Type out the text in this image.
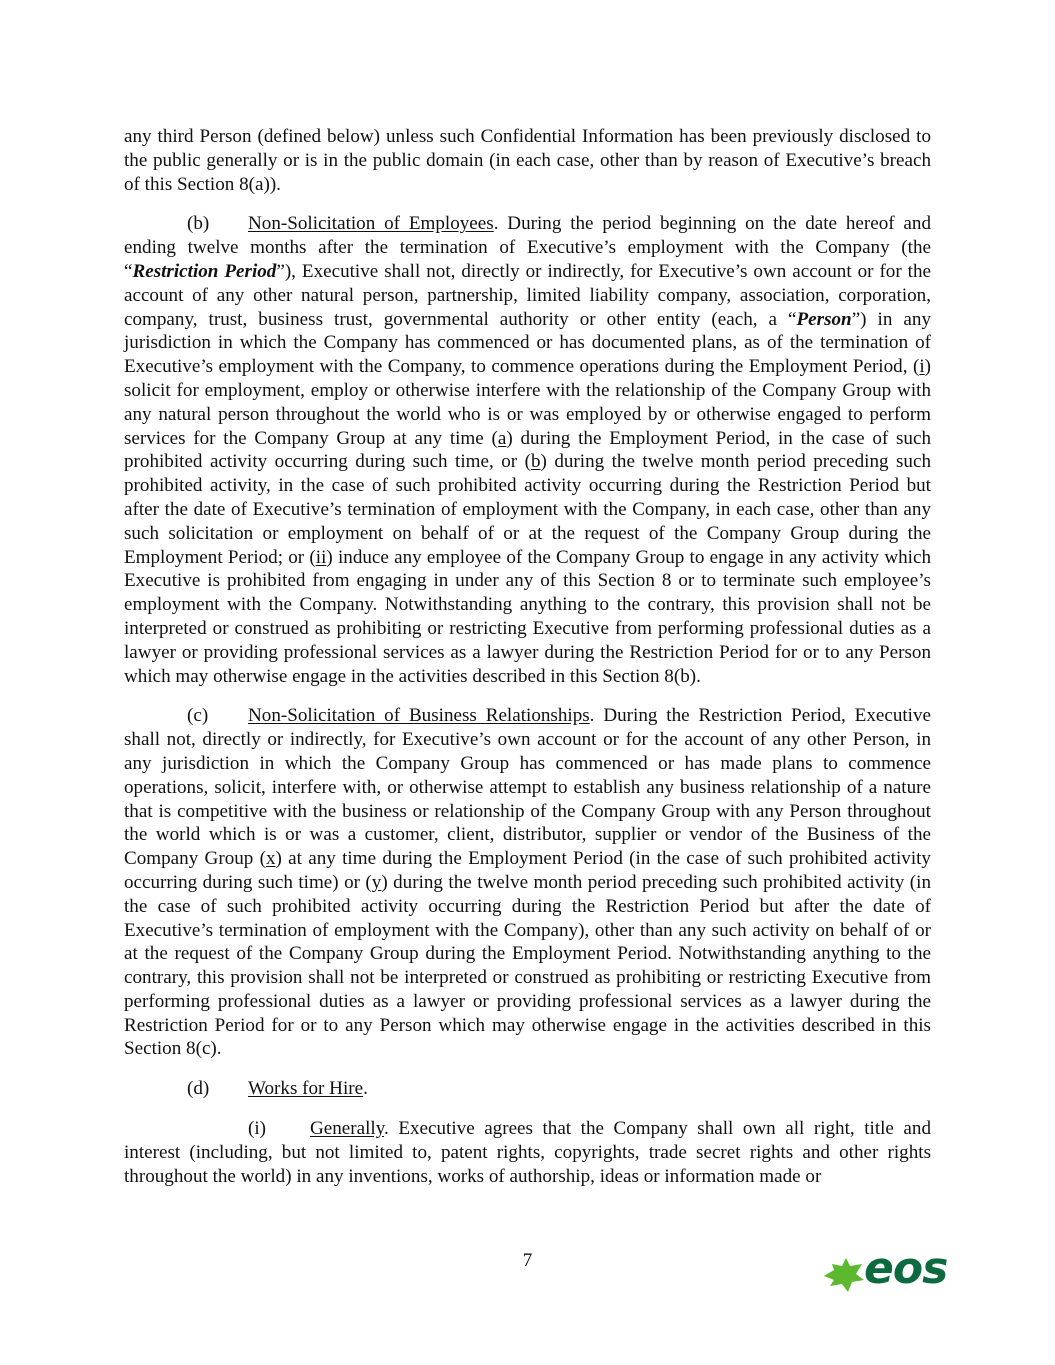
any third Person (defined below) unless such Confidential Information has been previously disclosed to the public generally or is in the public domain (in each case, other than by reason of Executive’s breach of this Section 8(a)).

(b) Non-Solicitation of Employees. During the period beginning on the date hereof and ending twelve months after the termination of Executive’s employment with the Company (the “Restriction Period”), Executive shall not, directly or indirectly, for Executive’s own account or for the account of any other natural person, partnership, limited liability company, association, corporation, company, trust, business trust, governmental authority or other entity (each, a “Person”) in any jurisdiction in which the Company has commenced or has documented plans, as of the termination of Executive’s employment with the Company, to commence operations during the Employment Period, (i) solicit for employment, employ or otherwise interfere with the relationship of the Company Group with any natural person throughout the world who is or was employed by or otherwise engaged to perform services for the Company Group at any time (a) during the Employment Period, in the case of such prohibited activity occurring during such time, or (b) during the twelve month period preceding such prohibited activity, in the case of such prohibited activity occurring during the Restriction Period but after the date of Executive’s termination of employment with the Company, in each case, other than any such solicitation or employment on behalf of or at the request of the Company Group during the Employment Period; or (ii) induce any employee of the Company Group to engage in any activity which Executive is prohibited from engaging in under any of this Section 8 or to terminate such employee’s employment with the Company. Notwithstanding anything to the contrary, this provision shall not be interpreted or construed as prohibiting or restricting Executive from performing professional duties as a lawyer or providing professional services as a lawyer during the Restriction Period for or to any Person which may otherwise engage in the activities described in this Section 8(b).

(c) Non-Solicitation of Business Relationships. During the Restriction Period, Executive shall not, directly or indirectly, for Executive’s own account or for the account of any other Person, in any jurisdiction in which the Company Group has commenced or has made plans to commence operations, solicit, interfere with, or otherwise attempt to establish any business relationship of a nature that is competitive with the business or relationship of the Company Group with any Person throughout the world which is or was a customer, client, distributor, supplier or vendor of the Business of the Company Group (x) at any time during the Employment Period (in the case of such prohibited activity occurring during such time) or (y) during the twelve month period preceding such prohibited activity (in the case of such prohibited activity occurring during the Restriction Period but after the date of Executive’s termination of employment with the Company), other than any such activity on behalf of or at the request of the Company Group during the Employment Period. Notwithstanding anything to the contrary, this provision shall not be interpreted or construed as prohibiting or restricting Executive from performing professional duties as a lawyer or providing professional services as a lawyer during the Restriction Period for or to any Person which may otherwise engage in the activities described in this Section 8(c).

(d) Works for Hire.

(i) Generally. Executive agrees that the Company shall own all right, title and interest (including, but not limited to, patent rights, copyrights, trade secret rights and other rights throughout the world) in any inventions, works of authorship, ideas or information made or

7	eos
